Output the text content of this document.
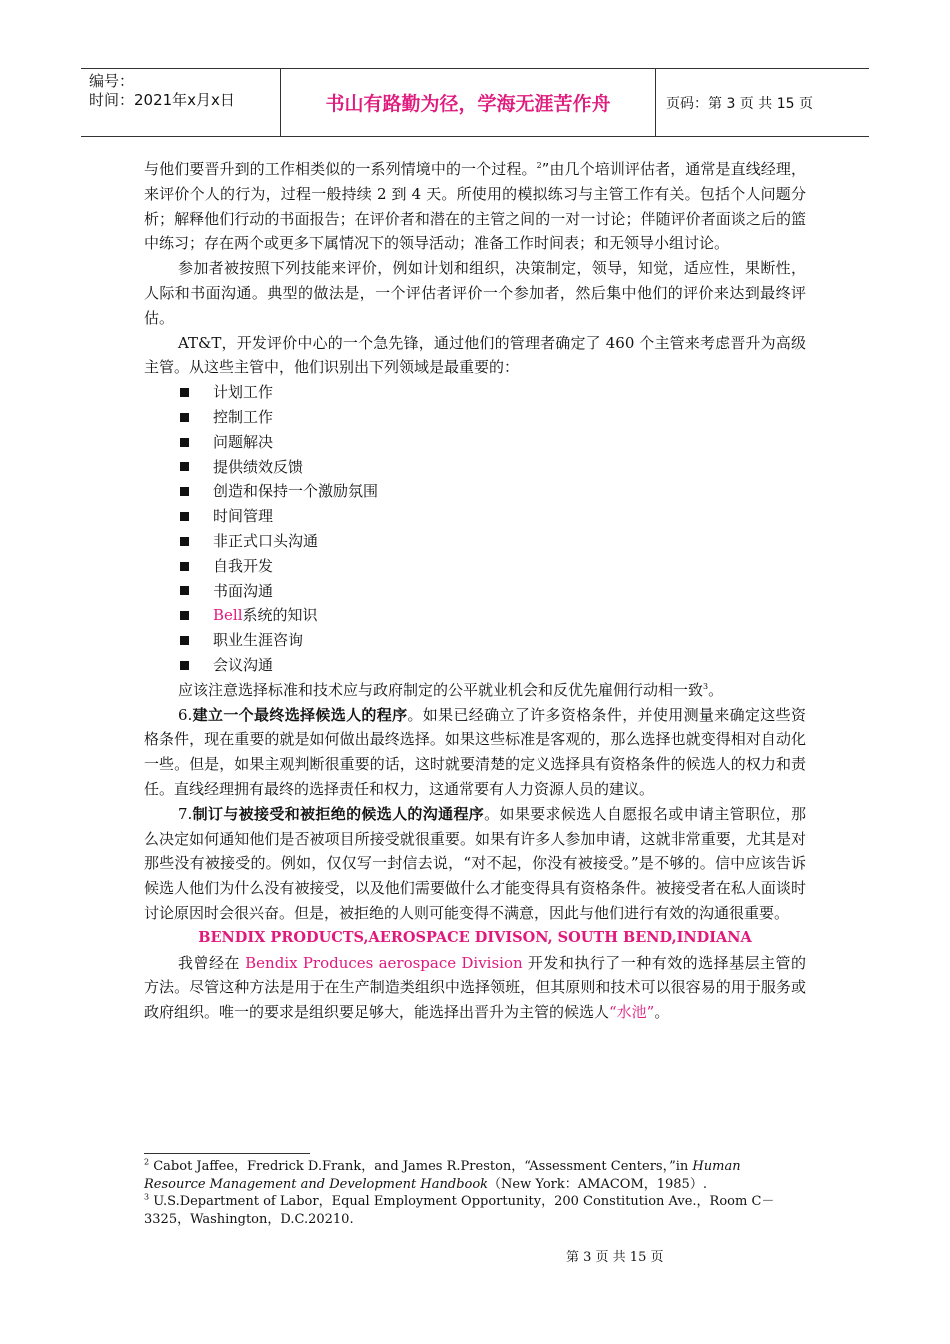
编号：
时间：2021年x月x日	书山有路勤为径，学海无涯苦作舟	页码：第 3 页 共 15 页

与他们要晋升到的工作相类似的一系列情境中的一个过程。$^2$”由几个培训评估者，通常是直线经理，来评价个人的行为，过程一般持续 2 到 4 天。所使用的模拟练习与主管工作有关。包括个人问题分析；解释他们行动的书面报告；在评价者和潜在的主管之间的一对一讨论；伴随评价者面谈之后的篮中练习；存在两个或更多下属情况下的领导活动；准备工作时间表；和无领导小组讨论。

参加者被按照下列技能来评价，例如计划和组织，决策制定，领导，知觉，适应性，果断性，人际和书面沟通。典型的做法是，一个评估者评价一个参加者，然后集中他们的评价来达到最终评估。

AT&T，开发评价中心的一个急先锋，通过他们的管理者确定了 460 个主管来考虑晋升为高级主管。从这些主管中，他们识别出下列领域是最重要的：

计划工作
控制工作
问题解决
提供绩效反馈
创造和保持一个激励氛围
时间管理
非正式口头沟通
自我开发
书面沟通
Bell 系统的知识
职业生涯咨询
会议沟通

应该注意选择标准和技术应与政府制定的公平就业机会和反优先雇佣行动相一致$^3$。

6.建立一个最终选择候选人的程序。如果已经确立了许多资格条件，并使用测量来确定这些资格条件，现在重要的就是如何做出最终选择。如果这些标准是客观的，那么选择也就变得相对自动化一些。但是，如果主观判断很重要的话，这时就要清楚的定义选择具有资格条件的候选人的权力和责任。直线经理拥有最终的选择责任和权力，这通常要有人力资源人员的建议。

7.制订与被接受和被拒绝的候选人的沟通程序。如果要求候选人自愿报名或申请主管职位，那么决定如何通知他们是否被项目所接受就很重要。如果有许多人参加申请，这就非常重要，尤其是对那些没有被接受的。例如，仅仅写一封信去说，“对不起，你没有被接受。”是不够的。信中应该告诉候选人他们为什么没有被接受，以及他们需要做什么才能变得具有资格条件。被接受者在私人面谈时讨论原因时会很兴奋。但是，被拒绝的人则可能变得不满意，因此与他们进行有效的沟通很重要。

BENDIX PRODUCTS,AEROSPACE DIVISON, SOUTH BEND,INDIANA

我曾经在 Bendix Produces aerospace Division 开发和执行了一种有效的选择基层主管的方法。尽管这种方法是用于在生产制造类组织中选择领班，但其原则和技术可以很容易的用于服务或政府组织。唯一的要求是组织要足够大，能选择出晋升为主管的候选人“水池”。

$^2$ Cabot Jaffee，Fredrick D.Frank，and James R.Preston，“Assessment Centers，”in Human Resource Management and Development Handbook（New York：AMACOM，1985）.

$^3$ U.S.Department of Labor，Equal Employment Opportunity，200 Constitution Ave.，Room C－3325，Washington，D.C.20210.

第 3 页 共 15 页
